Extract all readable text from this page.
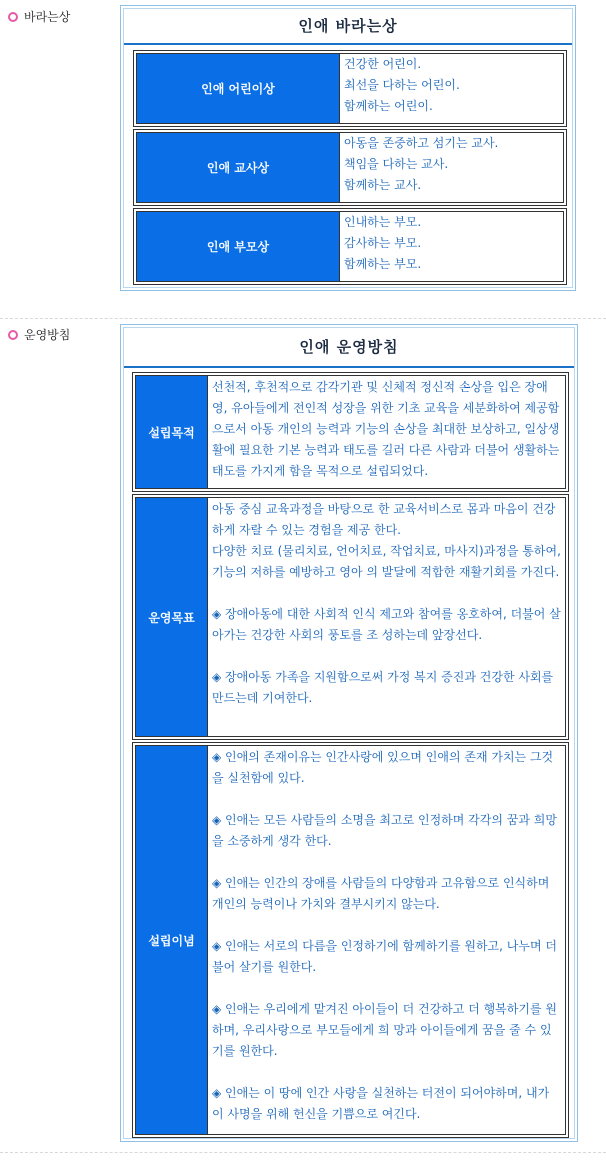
바라는상	인애 바라는상
인애 어린이상
건강한 어린이.
최선을 다하는 어린이.
함께하는 어린이.
인애 교사상
아동을 존중하고 섬기는 교사.
책임을 다하는 교사.
함께하는 교사.
인애 부모상
인내하는 부모.
감사하는 부모.
함께하는 부모.
운영방침
인애 운영방침
설립목적
선천적, 후천적으로 감각기관 및 신체적 정신적 손상을 입은 장애영, 유아들에게 전인적 성장을 위한 기초 교육을 세분화하여 제공함으로서 아동 개인의 능력과 기능의 손상을 최대한 보상하고, 일상생활에 필요한 기본 능력과 태도를 길러 다른 사람과 더불어 생활하는 태도를 가지게 함을 목적으로 설립되었다.
운영목표
아동 중심 교육과정을 바탕으로 한 교육서비스로 몸과 마음이 건강하게 자랄 수 있는 경험을 제공 한다.
다양한 치료 (물리치료, 언어치료, 작업치료, 마사지)과정을 통하여, 기능의 저하를 예방하고 영아 의 발달에 적합한 재활기회를 가진다.

◈ 장애아동에 대한 사회적 인식 제고와 참여를 옹호하여, 더불어 살아가는 건강한 사회의 풍토를 조 성하는데 앞장선다.

◈ 장애아동 가족을 지원함으로써 가정 복지 증진과 건강한 사회를 만드는데 기여한다.
설립이념
◈ 인애의 존재이유는 인간사랑에 있으며 인애의 존재 가치는 그것을 실천함에 있다.

◈ 인애는 모든 사람들의 소명을 최고로 인정하며 각각의 꿈과 희망을 소중하게 생각 한다.

◈ 인애는 인간의 장애를 사람들의 다양함과 고유함으로 인식하며 개인의 능력이나 가치와 결부시키지 않는다.

◈ 인애는 서로의 다름을 인정하기에 함께하기를 원하고, 나누며 더불어 살기를 원한다.

◈ 인애는 우리에게 맡겨진 아이들이 더 건강하고 더 행복하기를 원하며, 우리사랑으로 부모들에게 희 망과 아이들에게 꿈을 줄 수 있기를 원한다.

◈ 인애는 이 땅에 인간 사랑을 실천하는 터전이 되어야하며, 내가 이 사명을 위해 헌신을 기쁨으로 여긴다.
